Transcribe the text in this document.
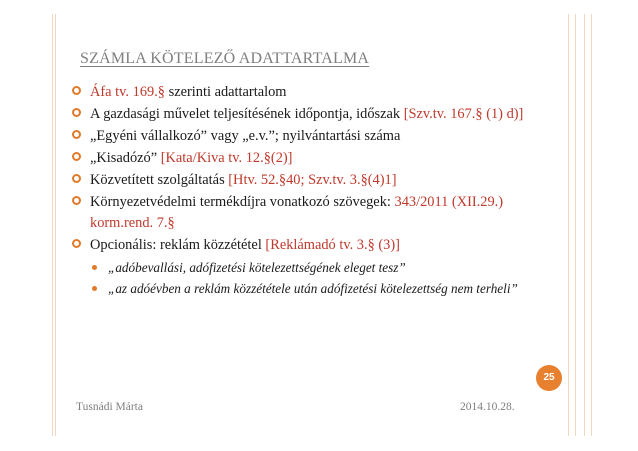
SZÁMLA KÖTELEZŐ ADATTARTALMA
Áfa tv. 169.§ szerinti adattartalom
A gazdasági művelet teljesítésének időpontja, időszak [Szv.tv. 167.§ (1) d)]
„Egyéni vállalkozó” vagy „e.v.”; nyilvántartási száma
„Kisadózó” [Kata/Kiva tv. 12.§(2)]
Közvetített szolgáltatás [Htv. 52.§40; Szv.tv. 3.§(4)1]
Környezetvédelmi termékdíjra vonatkozó szövegek: 343/2011 (XII.29.) korm.rend. 7.§
Opcionális: reklám közzététel [Reklámadó tv. 3.§ (3)]
„adóbevallási, adófizetési kötelezettségének eleget tesz”
„az adóévben a reklám közzététele után adófizetési kötelezettség nem terheli”
25
Tusnádi Márta	2014.10.28.
